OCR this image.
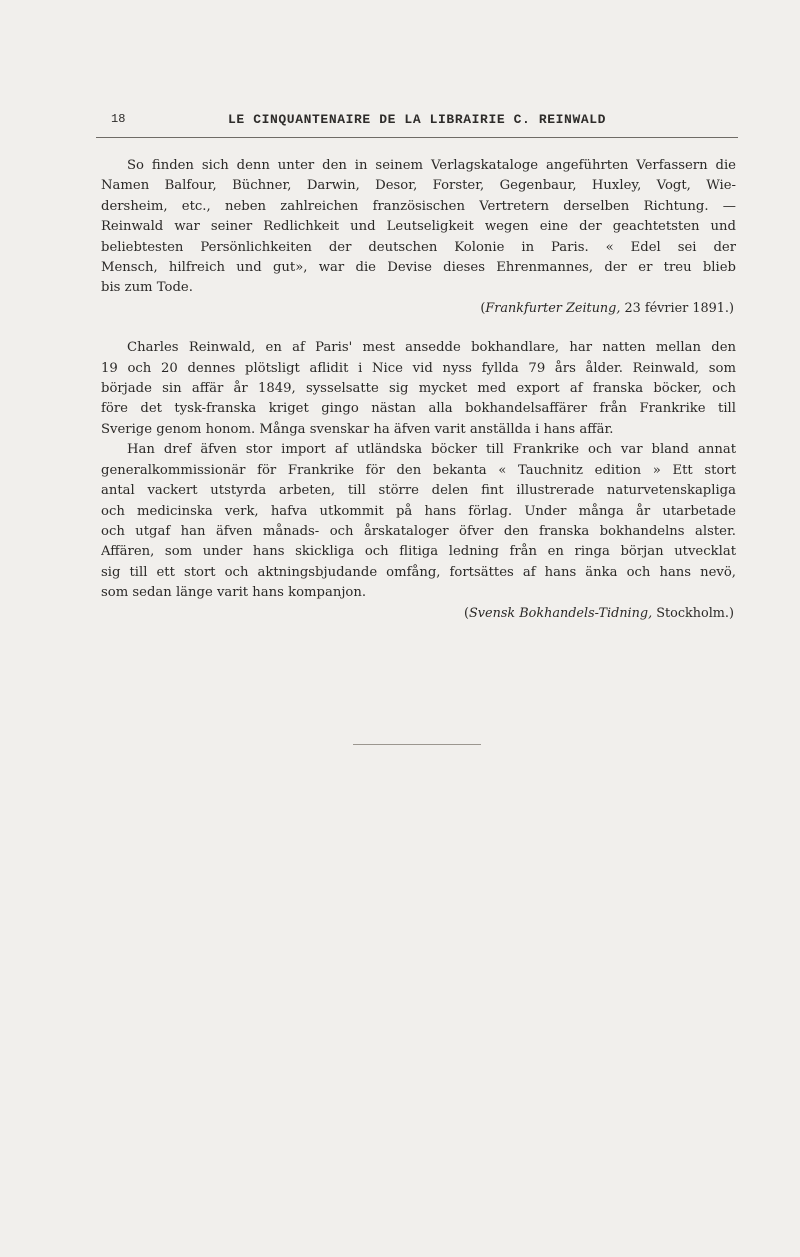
18	LE CINQUANTENAIRE DE LA LIBRAIRIE C. REINWALD
So finden sich denn unter den in seinem Verlagskataloge angeführten Verfassern die
Namen Balfour, Büchner, Darwin, Desor, Forster, Gegenbaur, Huxley, Vogt, Wie-
dersheim, etc., neben zahlreichen französischen Vertretern derselben Richtung. —
Reinwald war seiner Redlichkeit und Leutseligkeit wegen eine der geachtetsten und
beliebtesten Persönlichkeiten der deutschen Kolonie in Paris. « Edel sei der
Mensch, hilfreich und gut», war die Devise dieses Ehrenmannes, der er treu blieb
bis zum Tode.
(Frankfurter Zeitung, 23 février 1891.)
Charles Reinwald, en af Paris' mest ansedde bokhandlare, har natten mellan den
19 och 20 dennes plötsligt aflidit i Nice vid nyss fyllda 79 års ålder. Reinwald, som
började sin affär år 1849, sysselsatte sig mycket med export af franska böcker, och
före det tysk-franska kriget gingo nästan alla bokhandelsaffärer från Frankrike till
Sverige genom honom. Många svenskar ha äfven varit anställda i hans affär.
Han dref äfven stor import af utländska böcker till Frankrike och var bland annat
generalkommissionär för Frankrike för den bekanta « Tauchnitz edition » Ett stort
antal vackert utstyrda arbeten, till större delen fint illustrerade naturvetenskapliga
och medicinska verk, hafva utkommit på hans förlag. Under många år utarbetade
och utgaf han äfven månads- och årskataloger öfver den franska bokhandelns alster.
Affären, som under hans skickliga och flitiga ledning från en ringa början utvecklat
sig till ett stort och aktningsbjudande omfång, fortsättes af hans änka och hans nevö,
som sedan länge varit hans kompanjon.
(Svensk Bokhandels-Tidning, Stockholm.)
